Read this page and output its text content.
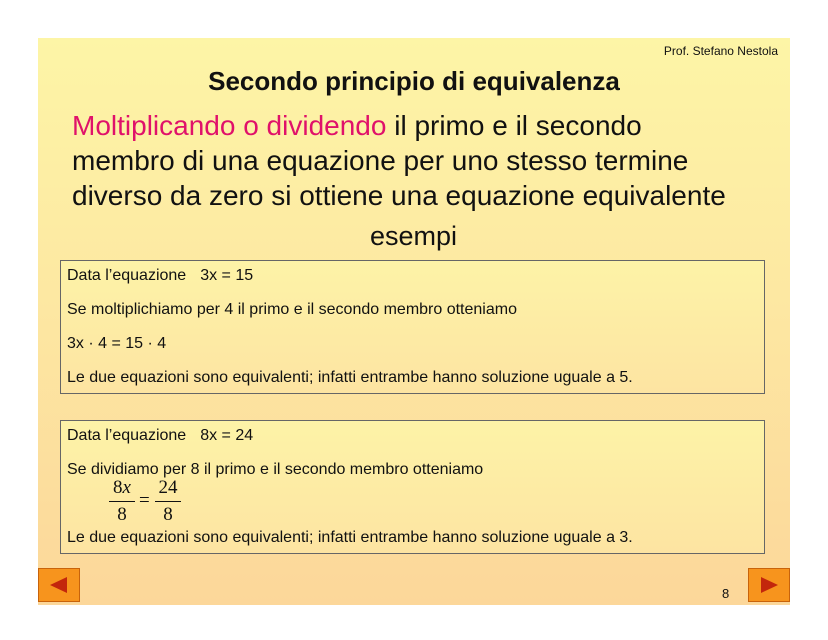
Prof. Stefano Nestola
Secondo principio di equivalenza
Moltiplicando o dividendo il primo e il secondo membro di una equazione per uno stesso termine diverso da zero si ottiene una equazione equivalente
esempi
Data l’equazione 3x = 15
Se moltiplichiamo per 4 il primo e il secondo membro otteniamo
3x · 4 = 15 · 4
Le due equazioni sono equivalenti; infatti entrambe hanno soluzione uguale a 5.
Data l’equazione 8x = 24
Se dividiamo per 8 il primo e il secondo membro otteniamo
8x
8
=
24
8
Le due equazioni sono equivalenti; infatti entrambe hanno soluzione uguale a 3.
8
